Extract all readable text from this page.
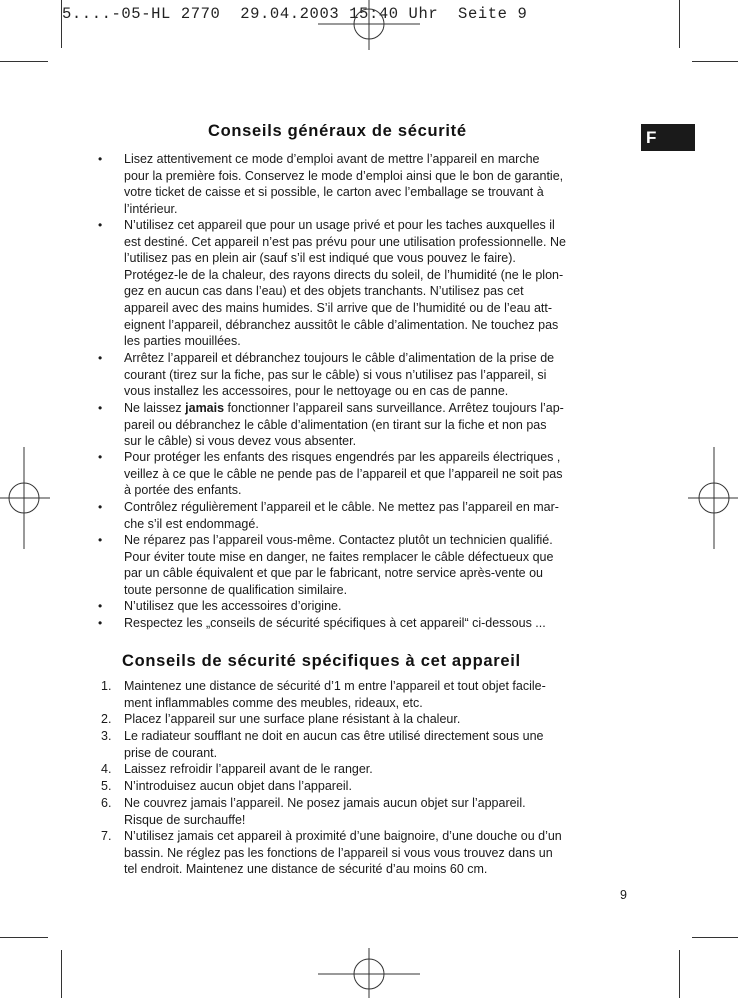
5....-05-HL 2770  29.04.2003 15:40 Uhr  Seite 9
F
Conseils généraux de sécurité
• Lisez attentivement ce mode d’emploi avant de mettre l’appareil en marche
pour la première fois. Conservez le mode d’emploi ainsi que le bon de garantie,
votre ticket de caisse et si possible, le carton avec l’emballage se trouvant à
l’intérieur.
• N’utilisez cet appareil que pour un usage privé et pour les taches auxquelles il
est destiné. Cet appareil n’est pas prévu pour une utilisation professionnelle. Ne
l’utilisez pas en plein air (sauf s’il est indiqué que vous pouvez le faire).
Protégez-le de la chaleur, des rayons directs du soleil, de l’humidité (ne le plon-
gez en aucun cas dans l’eau) et des objets tranchants. N’utilisez pas cet
appareil avec des mains humides. S’il arrive que de l’humidité ou de l’eau att-
eignent l’appareil, débranchez aussitôt le câble d’alimentation. Ne touchez pas
les parties mouillées.
• Arrêtez l’appareil et débranchez toujours le câble d’alimentation de la prise de
courant (tirez sur la fiche, pas sur le câble) si vous n’utilisez pas l’appareil, si
vous installez les accessoires, pour le nettoyage ou en cas de panne.
• Ne laissez jamais fonctionner l’appareil sans surveillance. Arrêtez toujours l’ap-
pareil ou débranchez le câble d’alimentation (en tirant sur la fiche et non pas
sur le câble) si vous devez vous absenter.
• Pour protéger les enfants des risques engendrés par les appareils électriques ,
veillez à ce que le câble ne pende pas de l’appareil et que l’appareil ne soit pas
à portée des enfants.
• Contrôlez régulièrement l’appareil et le câble. Ne mettez pas l’appareil en mar-
che s’il est endommagé.
• Ne réparez pas l’appareil vous-même. Contactez plutôt un technicien qualifié.
Pour éviter toute mise en danger, ne faites remplacer le câble défectueux que
par un câble équivalent et que par le fabricant, notre service après-vente ou
toute personne de qualification similaire.
• N’utilisez que les accessoires d’origine.
• Respectez les „conseils de sécurité spécifiques à cet appareil“ ci-dessous ...
Conseils de sécurité spécifiques à cet appareil
1. Maintenez une distance de sécurité d’1 m entre l’appareil et tout objet facile-
ment inflammables comme des meubles, rideaux, etc.
2. Placez l’appareil sur une surface plane résistant à la chaleur.
3. Le radiateur soufflant ne doit en aucun cas être utilisé directement sous une
prise de courant.
4. Laissez refroidir l’appareil avant de le ranger.
5. N’introduisez aucun objet dans l’appareil.
6. Ne couvrez jamais l’appareil. Ne posez jamais aucun objet sur l’appareil.
Risque de surchauffe!
7. N’utilisez jamais cet appareil à proximité d’une baignoire, d’une douche ou d’un
bassin. Ne réglez pas les fonctions de l’appareil si vous vous trouvez dans un
tel endroit. Maintenez une distance de sécurité d’au moins 60 cm.
9
